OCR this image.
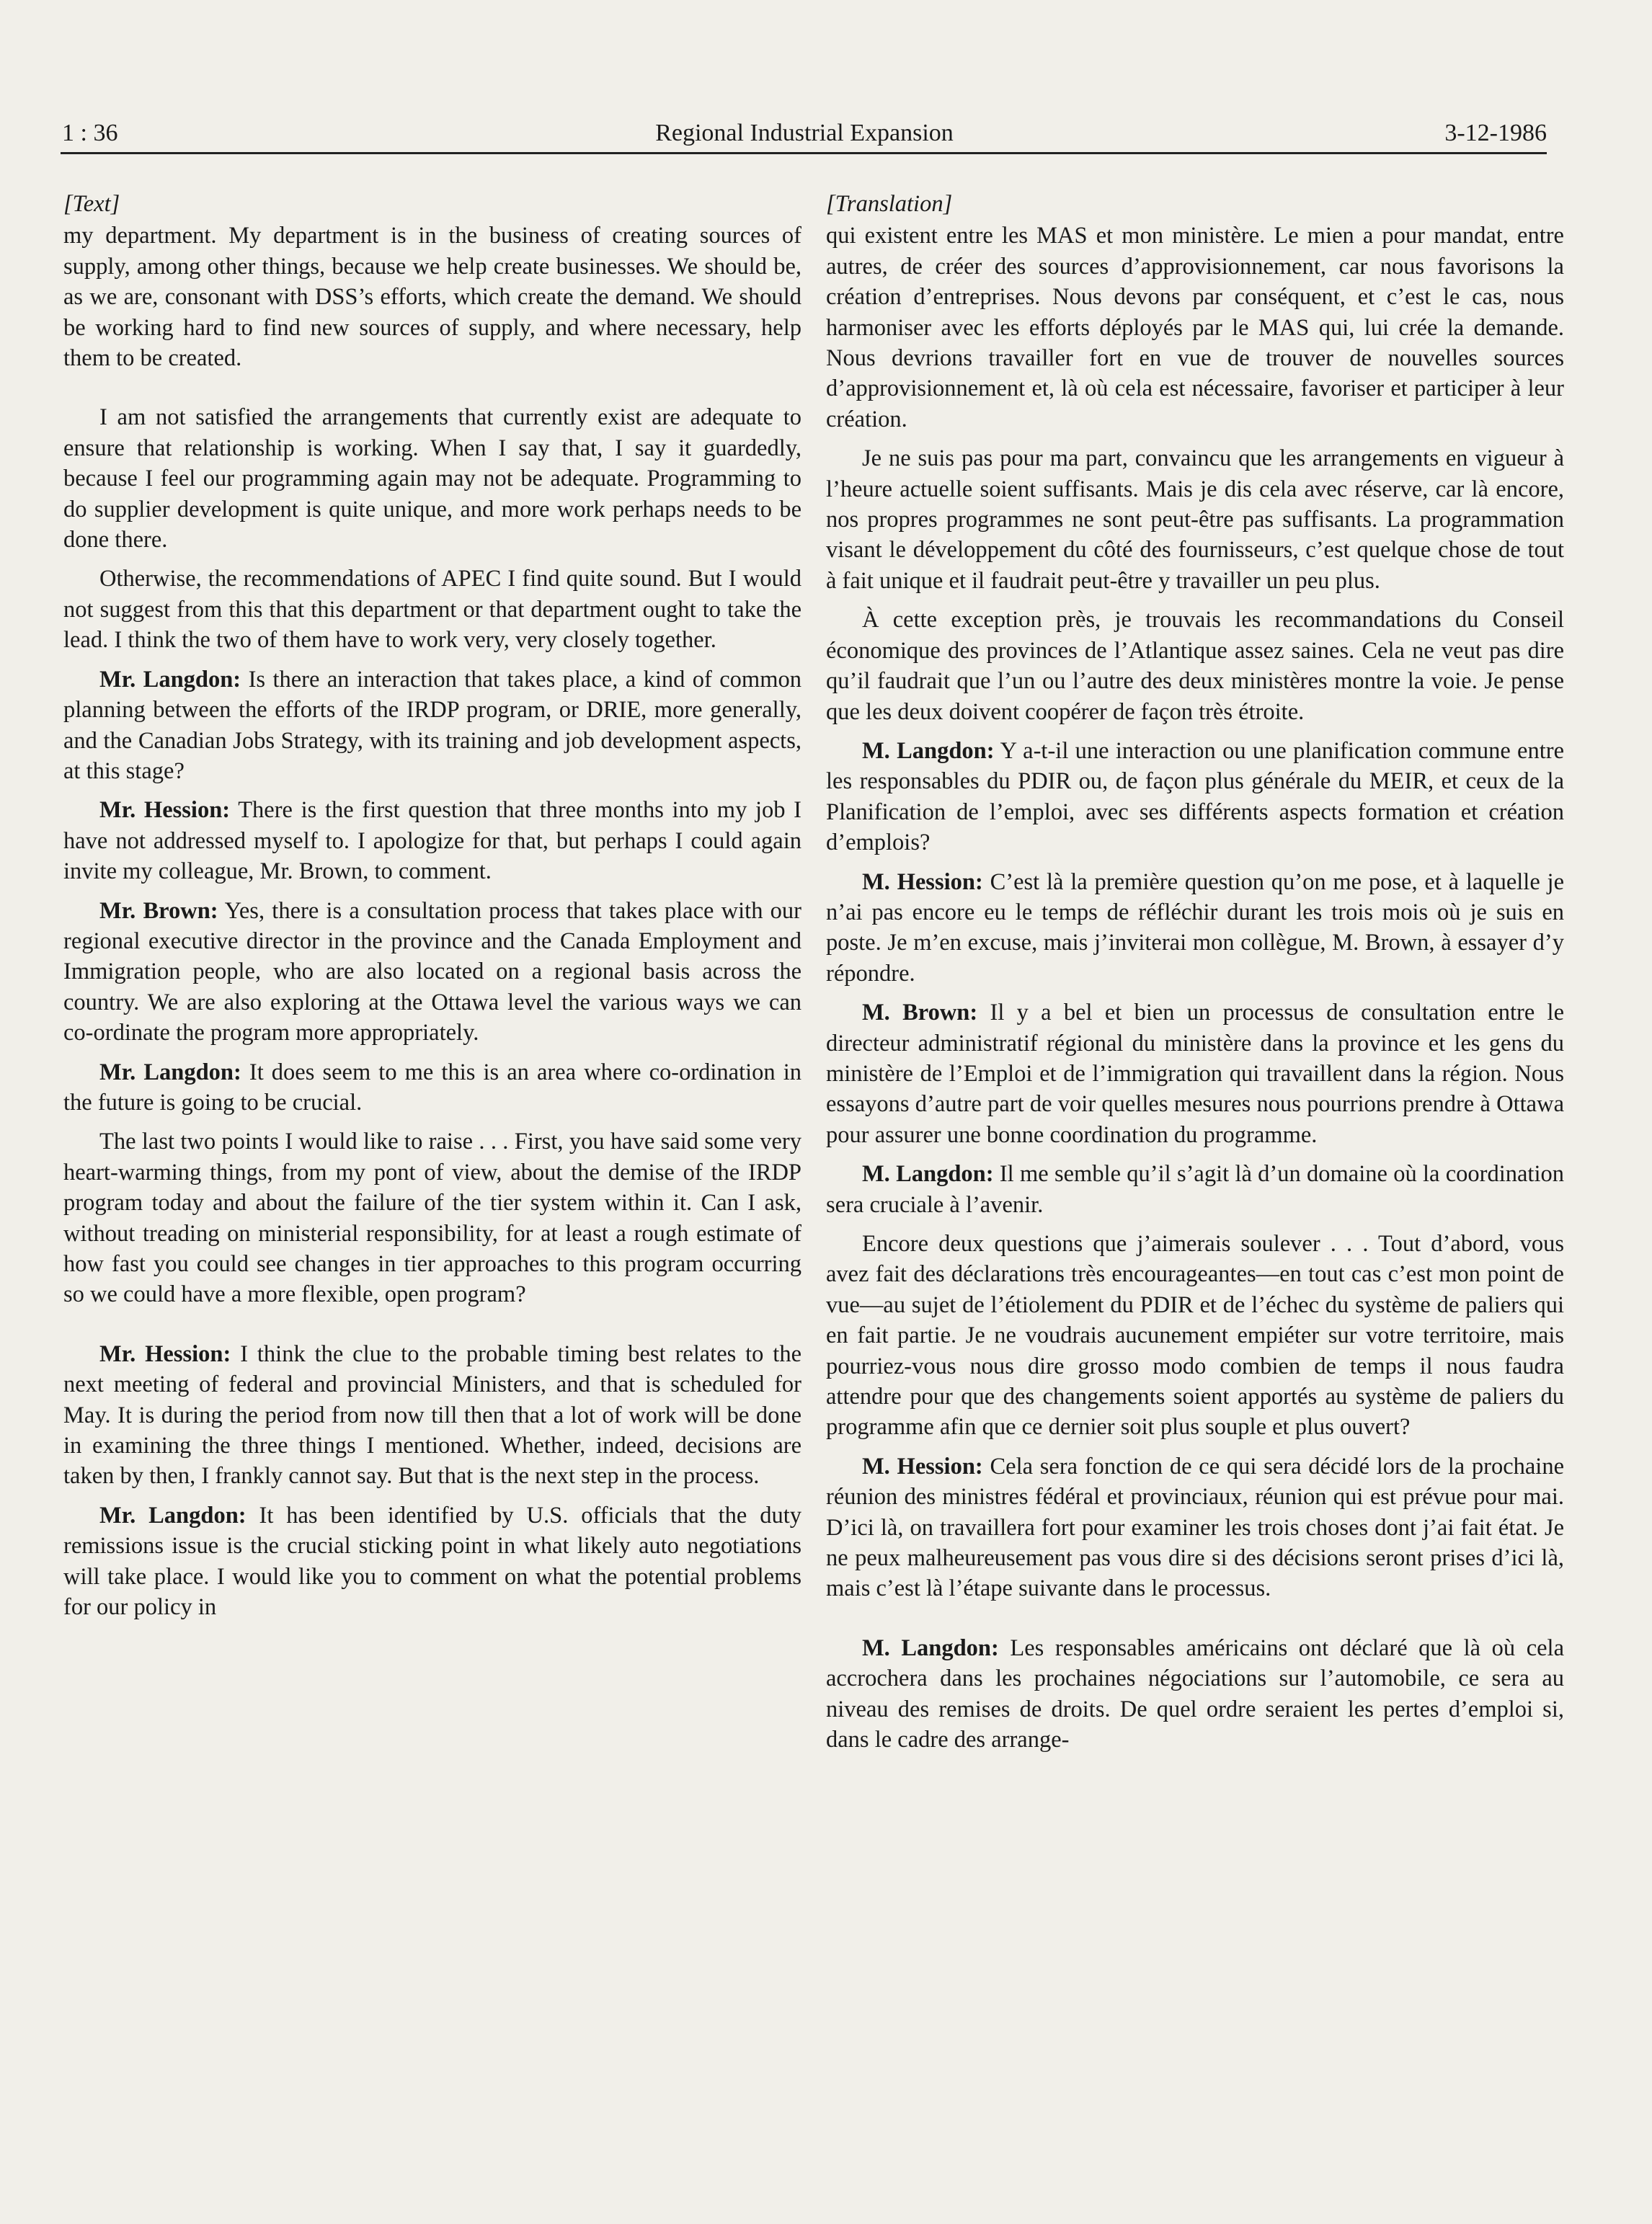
1 : 36	Regional Industrial Expansion	3-12-1986
[Text]

my department. My department is in the business of creating sources of supply, among other things, because we help create businesses. We should be, as we are, consonant with DSS’s efforts, which create the demand. We should be working hard to find new sources of supply, and where necessary, help them to be created.

I am not satisfied the arrangements that currently exist are adequate to ensure that relationship is working. When I say that, I say it guardedly, because I feel our programming again may not be adequate. Programming to do supplier development is quite unique, and more work perhaps needs to be done there.

Otherwise, the recommendations of APEC I find quite sound. But I would not suggest from this that this department or that department ought to take the lead. I think the two of them have to work very, very closely together.

Mr. Langdon: Is there an interaction that takes place, a kind of common planning between the efforts of the IRDP program, or DRIE, more generally, and the Canadian Jobs Strategy, with its training and job development aspects, at this stage?

Mr. Hession: There is the first question that three months into my job I have not addressed myself to. I apologize for that, but perhaps I could again invite my colleague, Mr. Brown, to comment.

Mr. Brown: Yes, there is a consultation process that takes place with our regional executive director in the province and the Canada Employment and Immigration people, who are also located on a regional basis across the country. We are also exploring at the Ottawa level the various ways we can co-ordinate the program more appropriately.

Mr. Langdon: It does seem to me this is an area where co-ordination in the future is going to be crucial.

The last two points I would like to raise . . . First, you have said some very heart-warming things, from my pont of view, about the demise of the IRDP program today and about the failure of the tier system within it. Can I ask, without treading on ministerial responsibility, for at least a rough estimate of how fast you could see changes in tier approaches to this program occurring so we could have a more flexible, open program?

Mr. Hession: I think the clue to the probable timing best relates to the next meeting of federal and provincial Ministers, and that is scheduled for May. It is during the period from now till then that a lot of work will be done in examining the three things I mentioned. Whether, indeed, decisions are taken by then, I frankly cannot say. But that is the next step in the process.

Mr. Langdon: It has been identified by U.S. officials that the duty remissions issue is the crucial sticking point in what likely auto negotiations will take place. I would like you to comment on what the potential problems for our policy in

[Translation]

qui existent entre les MAS et mon ministère. Le mien a pour mandat, entre autres, de créer des sources d’approvisionnement, car nous favorisons la création d’entreprises. Nous devons par conséquent, et c’est le cas, nous harmoniser avec les efforts déployés par le MAS qui, lui crée la demande. Nous devrions travailler fort en vue de trouver de nouvelles sources d’approvisionnement et, là où cela est nécessaire, favoriser et participer à leur création.

Je ne suis pas pour ma part, convaincu que les arrangements en vigueur à l’heure actuelle soient suffisants. Mais je dis cela avec réserve, car là encore, nos propres programmes ne sont peut-être pas suffisants. La programmation visant le développement du côté des fournisseurs, c’est quelque chose de tout à fait unique et il faudrait peut-être y travailler un peu plus.

À cette exception près, je trouvais les recommandations du Conseil économique des provinces de l’Atlantique assez saines. Cela ne veut pas dire qu’il faudrait que l’un ou l’autre des deux ministères montre la voie. Je pense que les deux doivent coopérer de façon très étroite.

M. Langdon: Y a-t-il une interaction ou une planification commune entre les responsables du PDIR ou, de façon plus générale du MEIR, et ceux de la Planification de l’emploi, avec ses différents aspects formation et création d’emplois?

M. Hession: C’est là la première question qu’on me pose, et à laquelle je n’ai pas encore eu le temps de réfléchir durant les trois mois où je suis en poste. Je m’en excuse, mais j’inviterai mon collègue, M. Brown, à essayer d’y répondre.

M. Brown: Il y a bel et bien un processus de consultation entre le directeur administratif régional du ministère dans la province et les gens du ministère de l’Emploi et de l’immigration qui travaillent dans la région. Nous essayons d’autre part de voir quelles mesures nous pourrions prendre à Ottawa pour assurer une bonne coordination du programme.

M. Langdon: Il me semble qu’il s’agit là d’un domaine où la coordination sera cruciale à l’avenir.

Encore deux questions que j’aimerais soulever . . . Tout d’abord, vous avez fait des déclarations très encourageantes—en tout cas c’est mon point de vue—au sujet de l’étiolement du PDIR et de l’échec du système de paliers qui en fait partie. Je ne voudrais aucunement empiéter sur votre territoire, mais pourriez-vous nous dire grosso modo combien de temps il nous faudra attendre pour que des changements soient apportés au système de paliers du programme afin que ce dernier soit plus souple et plus ouvert?

M. Hession: Cela sera fonction de ce qui sera décidé lors de la prochaine réunion des ministres fédéral et provinciaux, réunion qui est prévue pour mai. D’ici là, on travaillera fort pour examiner les trois choses dont j’ai fait état. Je ne peux malheureusement pas vous dire si des décisions seront prises d’ici là, mais c’est là l’étape suivante dans le processus.

M. Langdon: Les responsables américains ont déclaré que là où cela accrochera dans les prochaines négociations sur l’automobile, ce sera au niveau des remises de droits. De quel ordre seraient les pertes d’emploi si, dans le cadre des arrange-
